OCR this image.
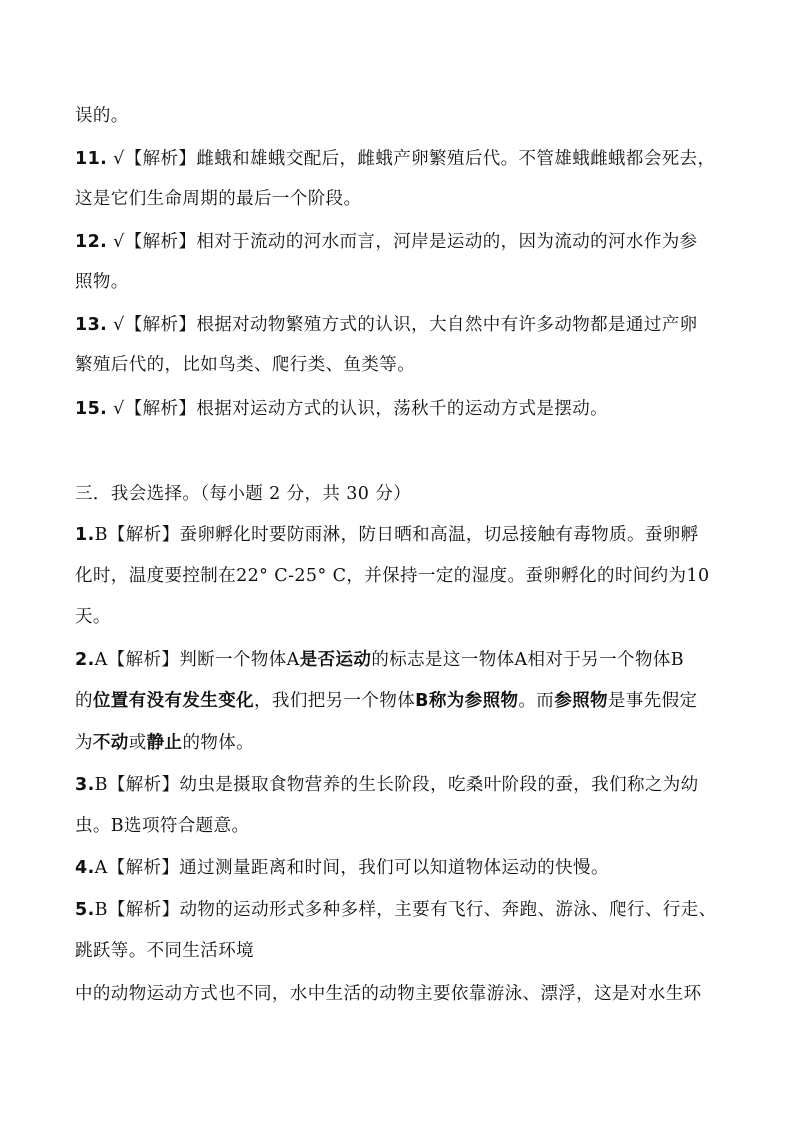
误的。
11. √【解析】雌蛾和雄蛾交配后，雌蛾产卵繁殖后代。不管雄蛾雌蛾都会死去，
这是它们生命周期的最后一个阶段。
12. √【解析】相对于流动的河水而言，河岸是运动的，因为流动的河水作为参
照物。
13. √【解析】根据对动物繁殖方式的认识，大自然中有许多动物都是通过产卵
繁殖后代的，比如鸟类、爬行类、鱼类等。
15. √【解析】根据对运动方式的认识，荡秋千的运动方式是摆动。
三．我会选择。（每小题 2 分，共 30 分）
1.B【解析】蚕卵孵化时要防雨淋，防日晒和高温，切忌接触有毒物质。蚕卵孵
化时，温度要控制在22° C-25° C，并保持一定的湿度。蚕卵孵化的时间约为10
天。
2.A【解析】判断一个物体A是否运动的标志是这一物体A相对于另一个物体B
的位置有没有发生变化，我们把另一个物体B称为参照物。而参照物是事先假定
为不动或静止的物体。
3.B【解析】幼虫是摄取食物营养的生长阶段，吃桑叶阶段的蚕，我们称之为幼
虫。B选项符合题意。
4.A【解析】通过测量距离和时间，我们可以知道物体运动的快慢。
5.B【解析】动物的运动形式多种多样，主要有飞行、奔跑、游泳、爬行、行走、
跳跃等。不同生活环境
中的动物运动方式也不同，水中生活的动物主要依靠游泳、漂浮，这是对水生环
